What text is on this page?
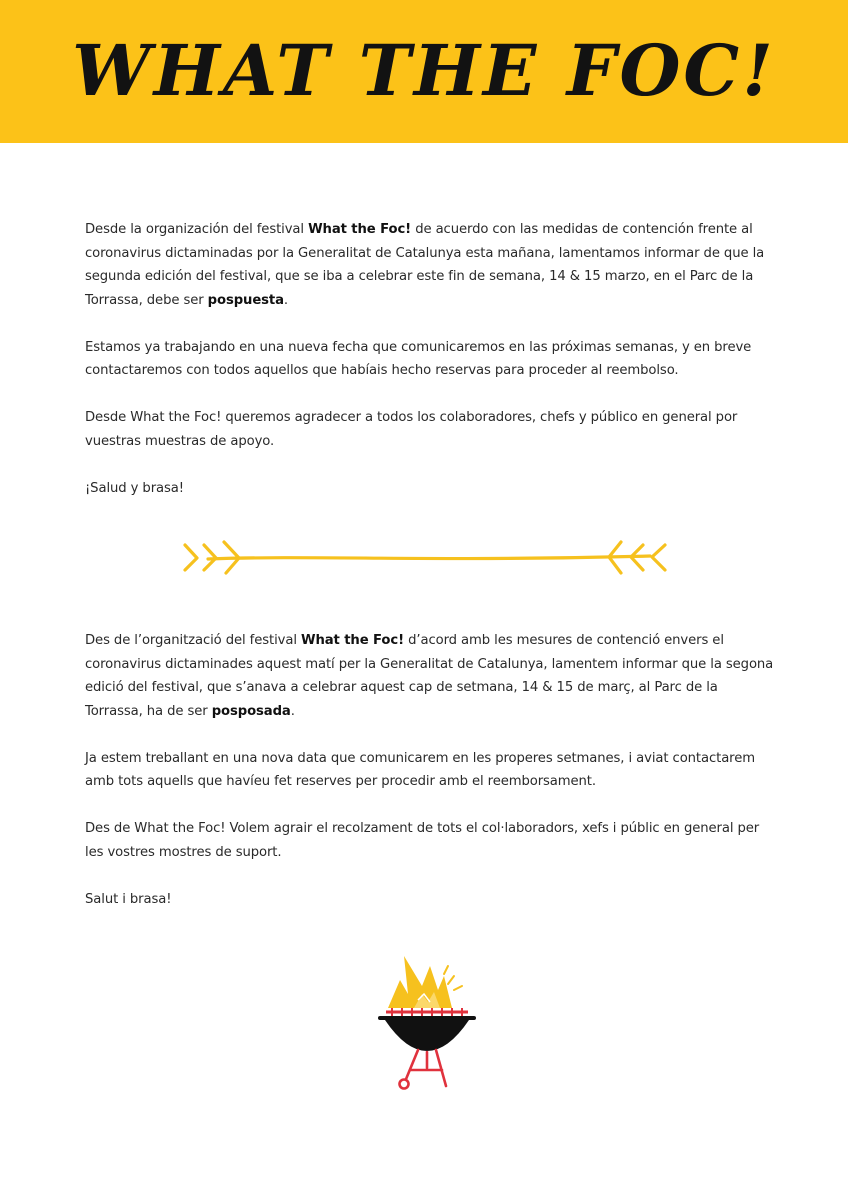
WHAT THE FOC!

Desde la organización del festival What the Foc! de acuerdo con las medidas de contención frente al coronavirus dictaminadas por la Generalitat de Catalunya esta mañana, lamentamos informar de que la segunda edición del festival, que se iba a celebrar este fin de semana, 14 & 15 marzo, en el Parc de la Torrassa, debe ser pospuesta.

Estamos ya trabajando en una nueva fecha que comunicaremos en las próximas semanas, y en breve contactaremos con todos aquellos que habíais hecho reservas para proceder al reembolso.

Desde What the Foc! queremos agradecer a todos los colaboradores, chefs y público en general por vuestras muestras de apoyo.

¡Salud y brasa!

Des de l’organització del festival What the Foc! d’acord amb les mesures de contenció envers el coronavirus dictaminades aquest matí per la Generalitat de Catalunya, lamentem informar que la segona edició del festival, que s’anava a celebrar aquest cap de setmana, 14 & 15 de març, al Parc de la Torrassa, ha de ser posposada.

Ja estem treballant en una nova data que comunicarem en les properes setmanes, i aviat contactarem amb tots aquells que havíeu fet reserves per procedir amb el reemborsament.

Des de What the Foc! Volem agrair el recolzament de tots el col·laboradors, xefs i públic en general per les vostres mostres de suport.

Salut i brasa!
